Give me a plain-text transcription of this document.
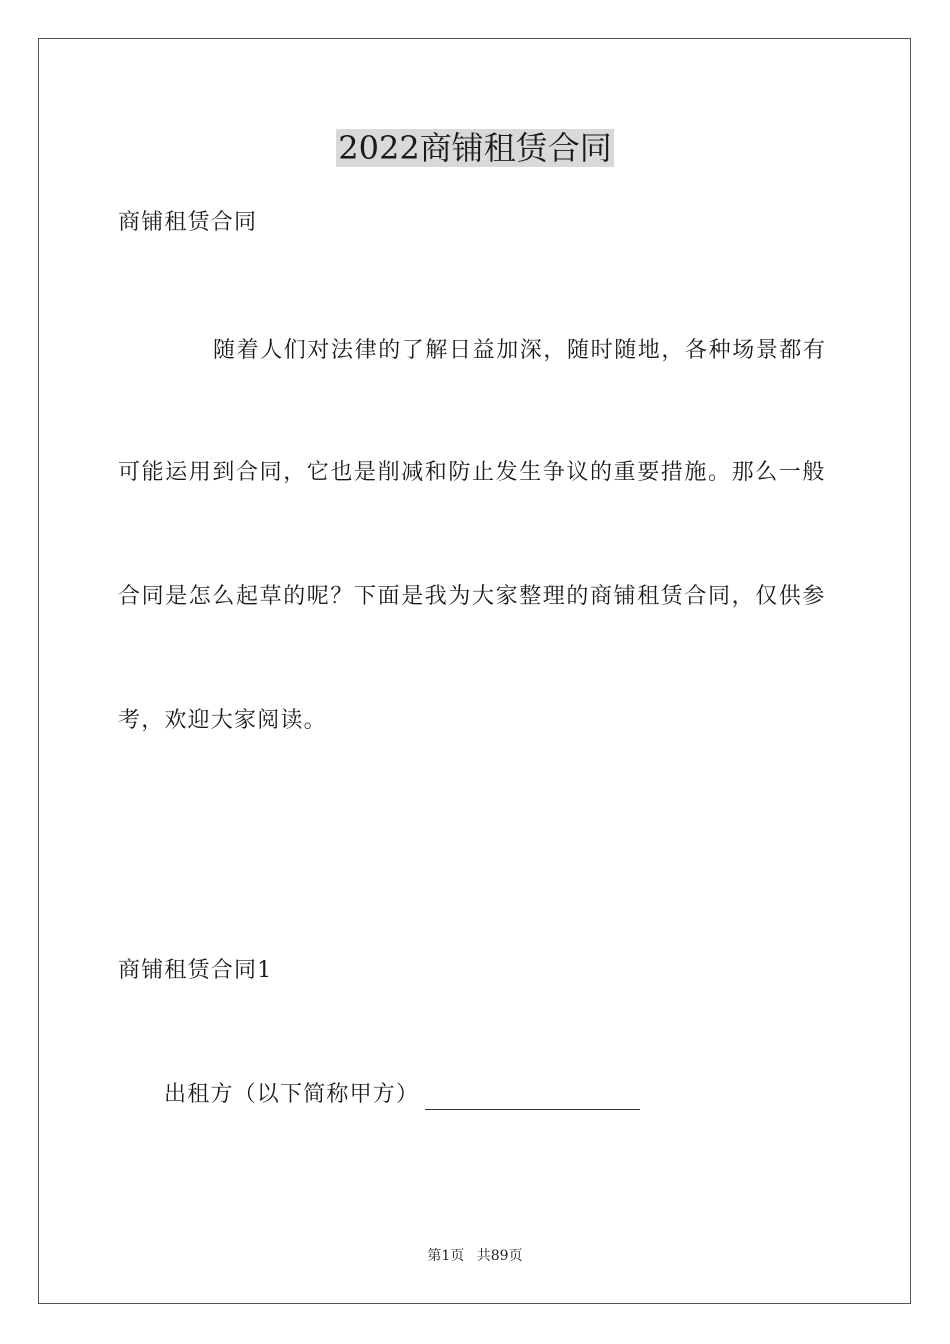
2022商铺租赁合同
商铺租赁合同
随着人们对法律的了解日益加深，随时随地，各种场景都有
可能运用到合同，它也是削减和防止发生争议的重要措施。那么一般
合同是怎么起草的呢？下面是我为大家整理的商铺租赁合同，仅供参
考，欢迎大家阅读。
商铺租赁合同1
出租方（以下简称甲方）
第1页 共89页
